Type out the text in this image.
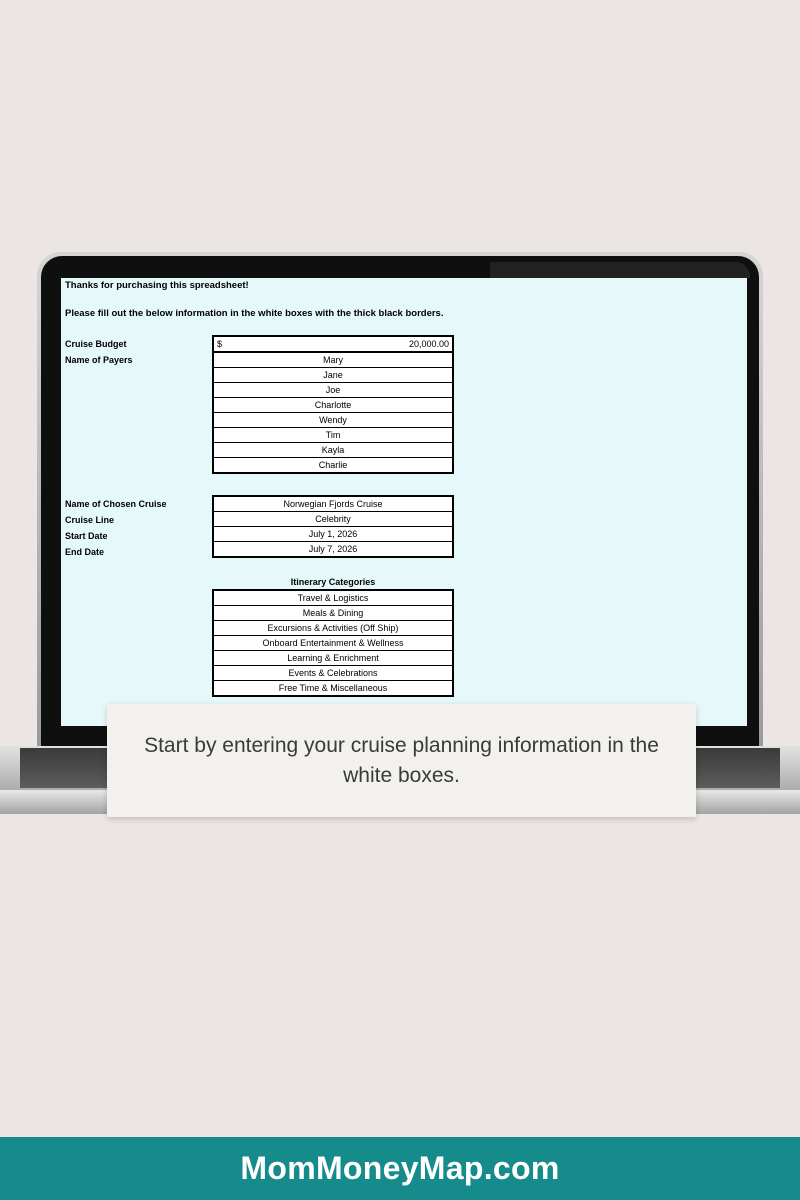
Thanks for purchasing this spreadsheet!
Please fill out the below information in the white boxes with the thick black borders.
Cruise Budget
Name of Payers
$	20,000.00
Mary
Jane
Joe
Charlotte
Wendy
Tim
Kayla
Charlie
Name of Chosen Cruise
Cruise Line
Start Date
End Date
Norwegian Fjords Cruise
Celebrity
July 1, 2026
July 7, 2026
Itinerary Categories
Travel & Logistics
Meals & Dining
Excursions & Activities (Off Ship)
Onboard Entertainment & Wellness
Learning & Enrichment
Events & Celebrations
Free Time & Miscellaneous
Start by entering your cruise planning information in the white boxes.
MomMoneyMap.com
